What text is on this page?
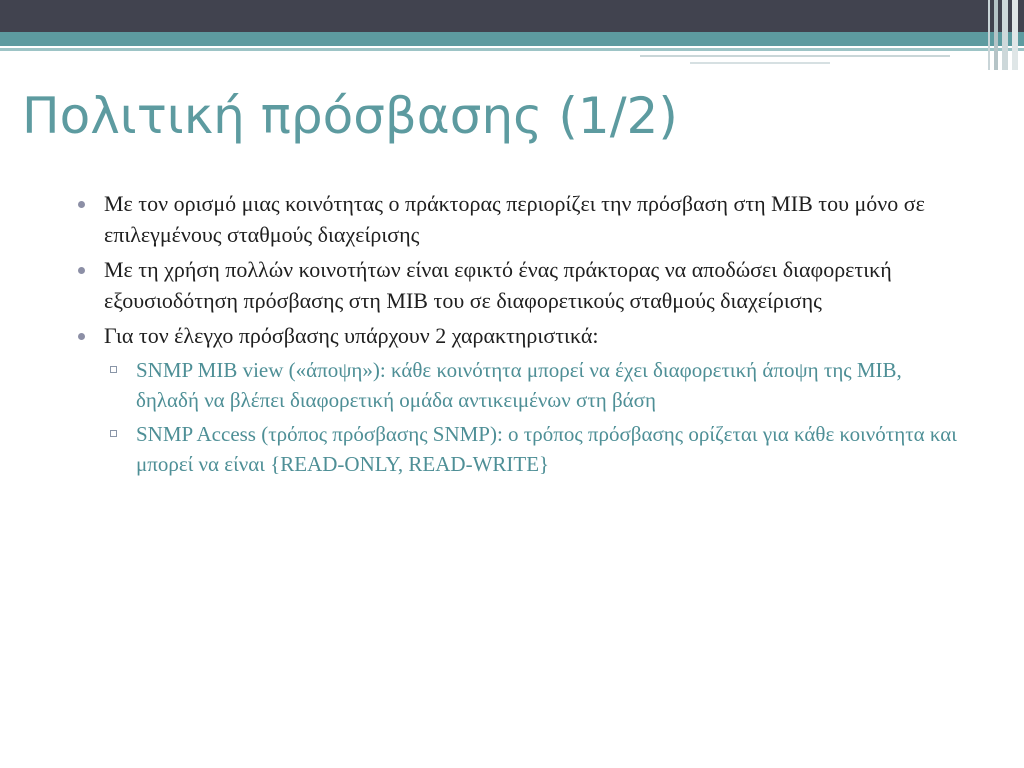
Πολιτική πρόσβασης (1/2)
Με τον ορισμό μιας κοινότητας ο πράκτορας περιορίζει την πρόσβαση στη MIB του μόνο σε επιλεγμένους σταθμούς διαχείρισης
Με τη χρήση πολλών κοινοτήτων είναι εφικτό ένας πράκτορας να αποδώσει διαφορετική εξουσιοδότηση πρόσβασης στη MIB του σε διαφορετικούς σταθμούς διαχείρισης
Για τον έλεγχο πρόσβασης υπάρχουν 2 χαρακτηριστικά:
SNMP MIB view («άποψη»): κάθε κοινότητα μπορεί να έχει διαφορετική άποψη της MIB, δηλαδή να βλέπει διαφορετική ομάδα αντικειμένων στη βάση
SNMP Access (τρόπος πρόσβασης SNMP): ο τρόπος πρόσβασης ορίζεται για κάθε κοινότητα και μπορεί να είναι {READ-ONLY, READ-WRITE}
